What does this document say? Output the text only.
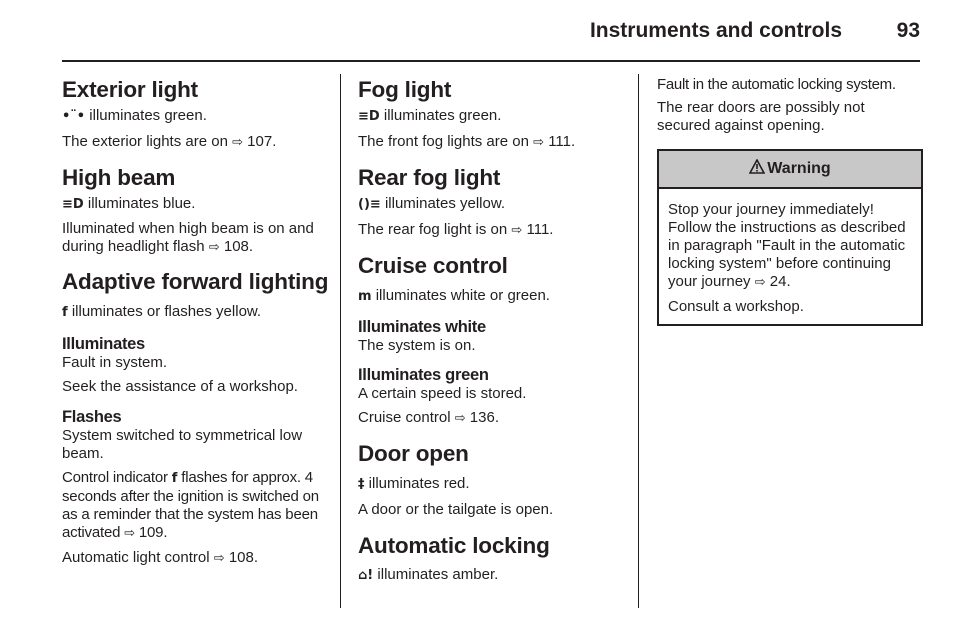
Instruments and controls	93
Exterior light

•¨• illuminates green.

The exterior lights are on ⇨ 107.

High beam

≡D illuminates blue.

Illuminated when high beam is on and during headlight flash ⇨ 108.

Adaptive forward lighting

f illuminates or flashes yellow.

Illuminates

Fault in system.

Seek the assistance of a workshop.

Flashes

System switched to symmetrical low beam.

Control indicator f flashes for approx. 4 seconds after the ignition is switched on as a reminder that the system has been activated ⇨ 109.

Automatic light control ⇨ 108.

Fog light

≡D illuminates green.

The front fog lights are on ⇨ 111.

Rear fog light

()≡ illuminates yellow.

The rear fog light is on ⇨ 111.

Cruise control

m illuminates white or green.

Illuminates white

The system is on.

Illuminates green

A certain speed is stored.

Cruise control ⇨ 136.

Door open

‡ illuminates red.

A door or the tailgate is open.

Automatic locking

⌂! illuminates amber.

Fault in the automatic locking system.

The rear doors are possibly not secured against opening.

Warning

Stop your journey immediately! Follow the instructions as described in paragraph "Fault in the automatic locking system" before continuing your journey ⇨ 24.

Consult a workshop.
